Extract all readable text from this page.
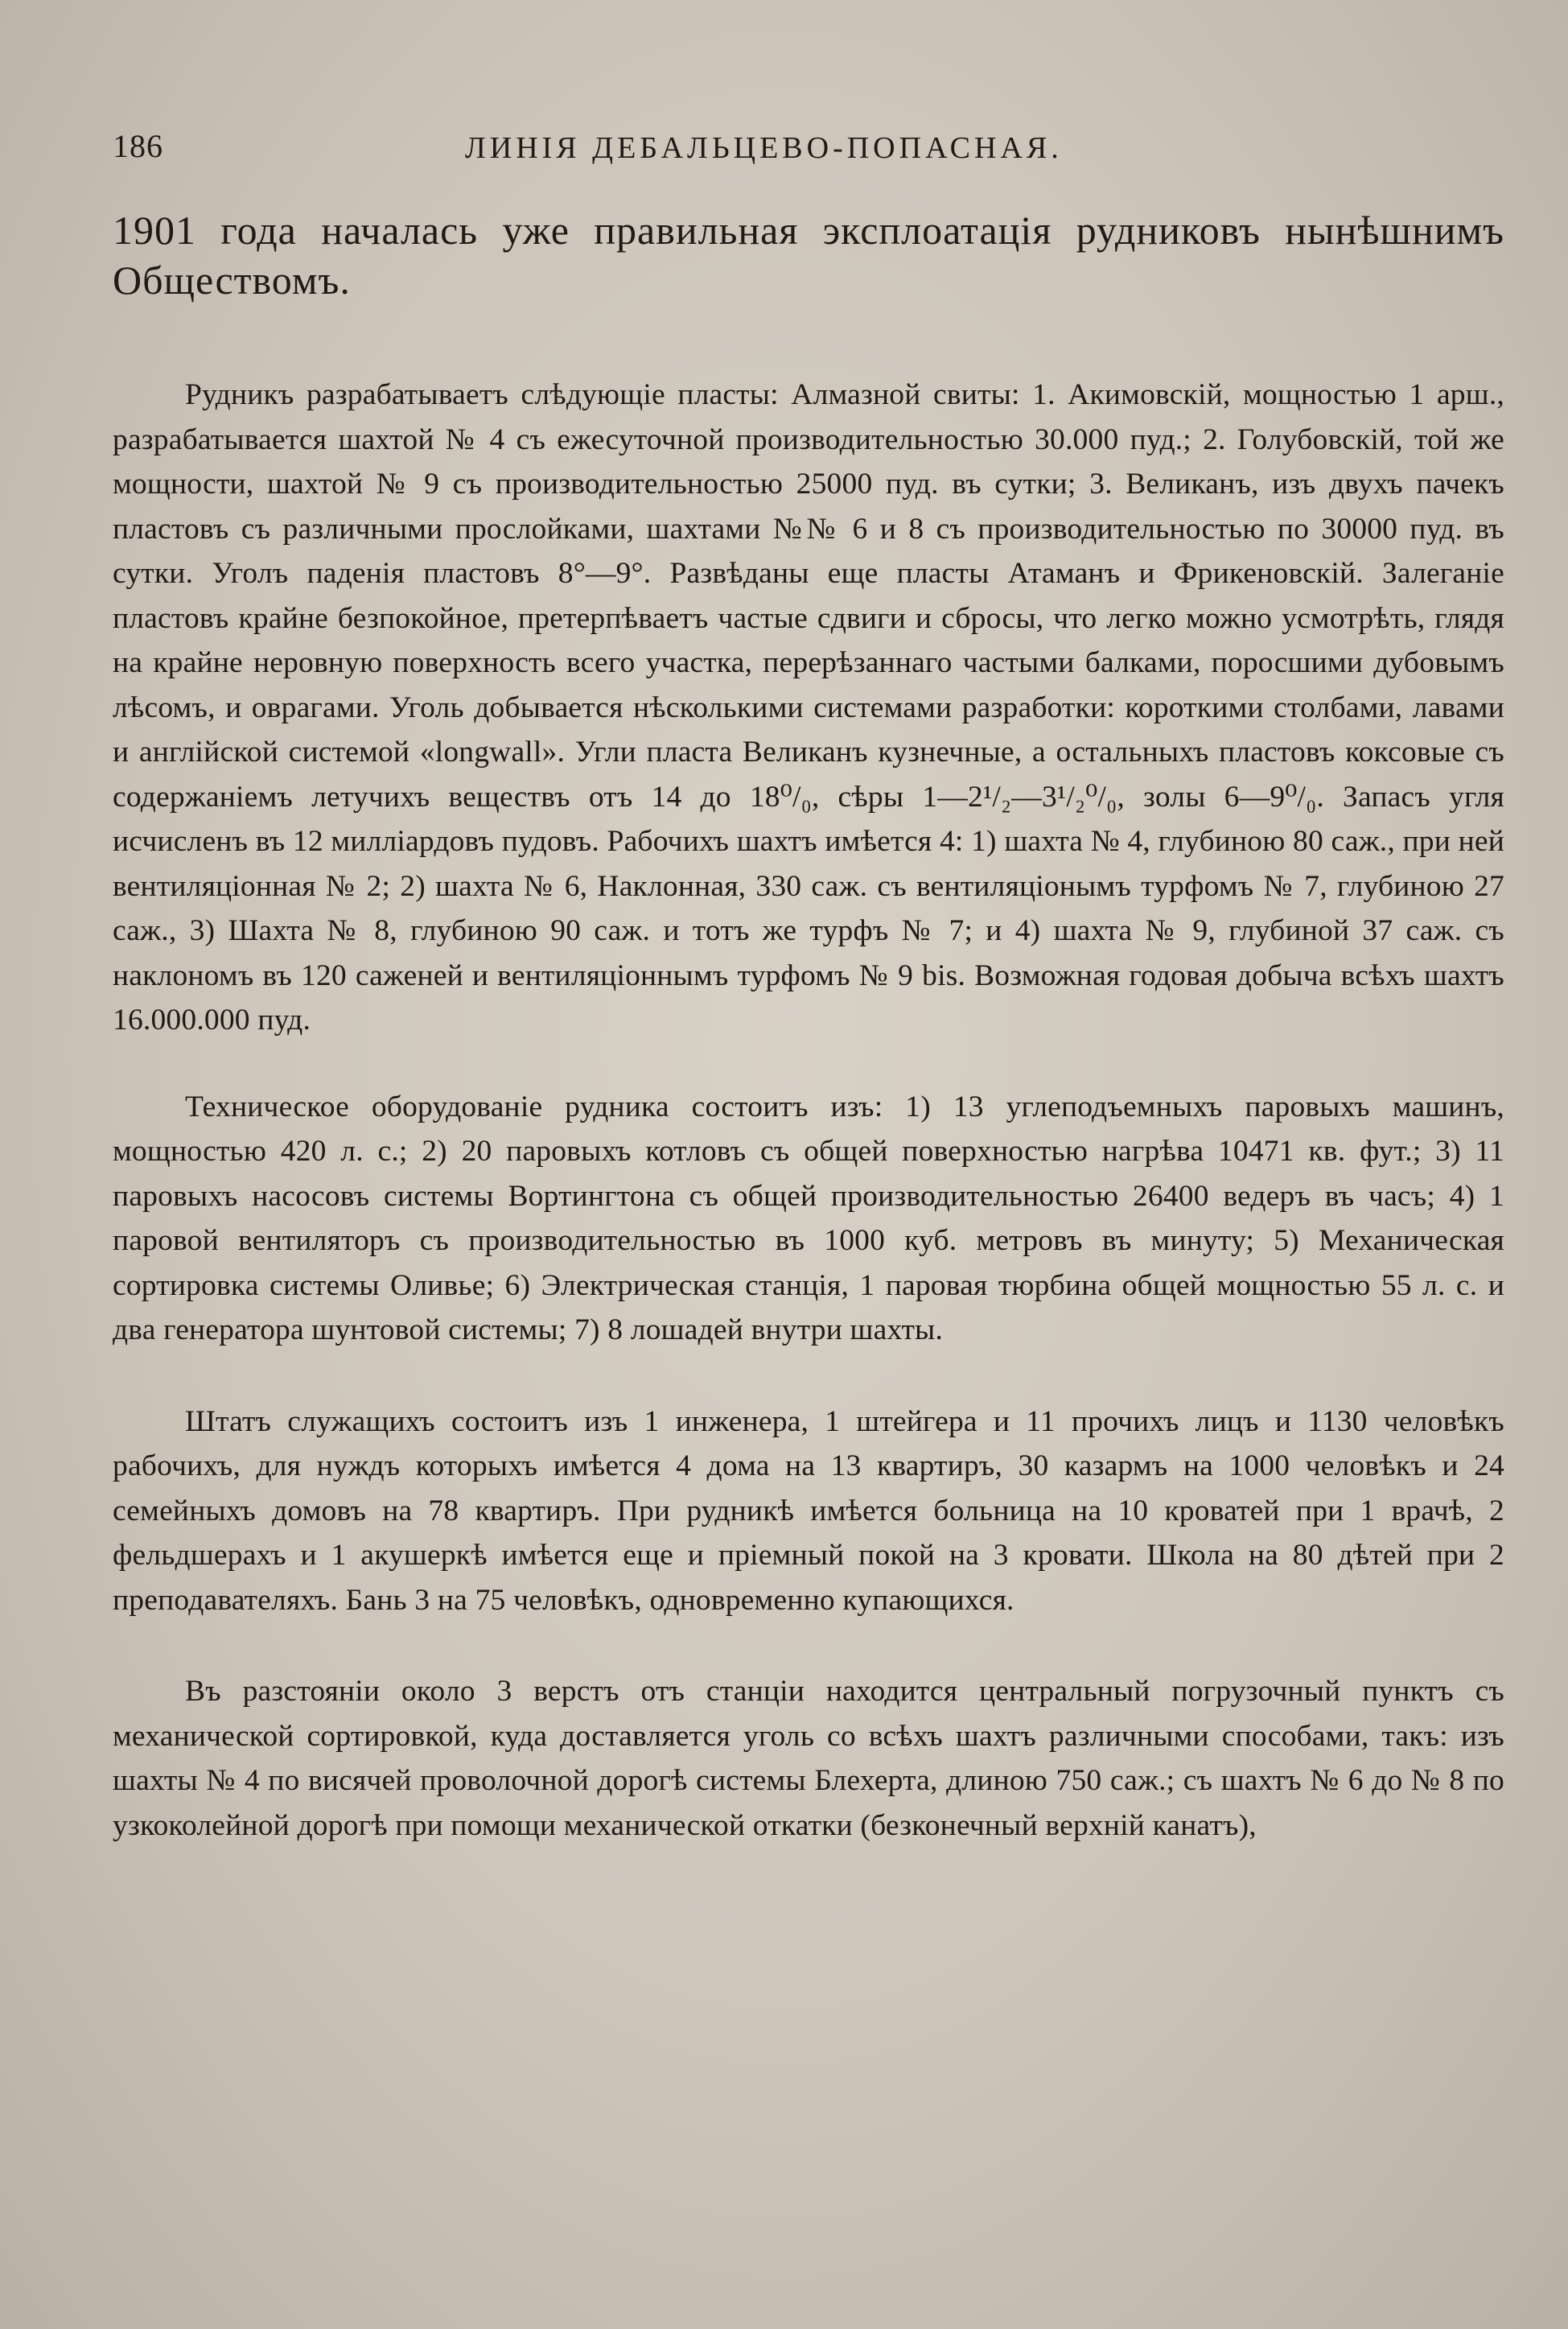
186	ЛИНІЯ ДЕБАЛЬЦЕВО-ПОПАСНАЯ.

1901 года началась уже правильная эксплоатація рудниковъ нынѣшнимъ Обществомъ.

Рудникъ разрабатываетъ слѣдующіе пласты: Алмазной свиты: 1. Акимовскій, мощностью 1 арш., разрабатывается шахтой № 4 съ ежесуточной производительностью 30.000 пуд.; 2. Голубовскій, той же мощности, шахтой № 9 съ производительностью 25000 пуд. въ сутки; 3. Великанъ, изъ двухъ пачекъ пластовъ съ различными прослойками, шахтами №№ 6 и 8 съ производительностью по 30000 пуд. въ сутки. Уголъ паденія пластовъ 8°—9°. Развѣданы еще пласты Атаманъ и Фрикеновскій. Залеганіе пластовъ крайне безпокойное, претерпѣваетъ частые сдвиги и сбросы, что легко можно усмотрѣть, глядя на крайне неровную поверхность всего участка, перерѣзаннаго частыми балками, поросшими дубовымъ лѣсомъ, и оврагами. Уголь добывается нѣсколькими системами разработки: короткими столбами, лавами и англійской системой «longwall». Угли пласта Великанъ кузнечные, а остальныхъ пластовъ коксовые съ содержаніемъ летучихъ веществъ отъ 14 до 18⁰/₀, сѣры 1—2¹/₂—3¹/₂⁰/₀, золы 6—9⁰/₀. Запасъ угля исчисленъ въ 12 милліардовъ пудовъ. Рабочихъ шахтъ имѣется 4: 1) шахта № 4, глубиною 80 саж., при ней вентиляціонная № 2; 2) шахта № 6, Наклонная, 330 саж. съ вентиляціонымъ турфомъ № 7, глубиною 27 саж., 3) Шахта № 8, глубиною 90 саж. и тотъ же турфъ № 7; и 4) шахта № 9, глубиной 37 саж. съ наклономъ въ 120 саженей и вентиляціоннымъ турфомъ № 9 bis. Возможная годовая добыча всѣхъ шахтъ 16.000.000 пуд.

Техническое оборудованіе рудника состоитъ изъ: 1) 13 углеподъемныхъ паровыхъ машинъ, мощностью 420 л. с.; 2) 20 паровыхъ котловъ съ общей поверхностью нагрѣва 10471 кв. фут.; 3) 11 паровыхъ насосовъ системы Вортингтона съ общей производительностью 26400 ведеръ въ часъ; 4) 1 паровой вентиляторъ съ производительностью въ 1000 куб. метровъ въ минуту; 5) Механическая сортировка системы Оливье; 6) Электрическая станція, 1 паровая тюрбина общей мощностью 55 л. с. и два генератора шунтовой системы; 7) 8 лошадей внутри шахты.

Штатъ служащихъ состоитъ изъ 1 инженера, 1 штейгера и 11 прочихъ лицъ и 1130 человѣкъ рабочихъ, для нуждъ которыхъ имѣется 4 дома на 13 квартиръ, 30 казармъ на 1000 человѣкъ и 24 семейныхъ домовъ на 78 квартиръ. При рудникѣ имѣется больница на 10 кроватей при 1 врачѣ, 2 фельдшерахъ и 1 акушеркѣ имѣется еще и пріемный покой на 3 кровати. Школа на 80 дѣтей при 2 преподавателяхъ. Бань 3 на 75 человѣкъ, одновременно купающихся.

Въ разстояніи около 3 верстъ отъ станціи находится центральный погрузочный пунктъ съ механической сортировкой, куда доставляется уголь со всѣхъ шахтъ различными способами, такъ: изъ шахты № 4 по висячей проволочной дорогѣ системы Блехерта, длиною 750 саж.; съ шахтъ № 6 до № 8 по узкоколейной дорогѣ при помощи механической откатки (безконечный верхній канатъ),
